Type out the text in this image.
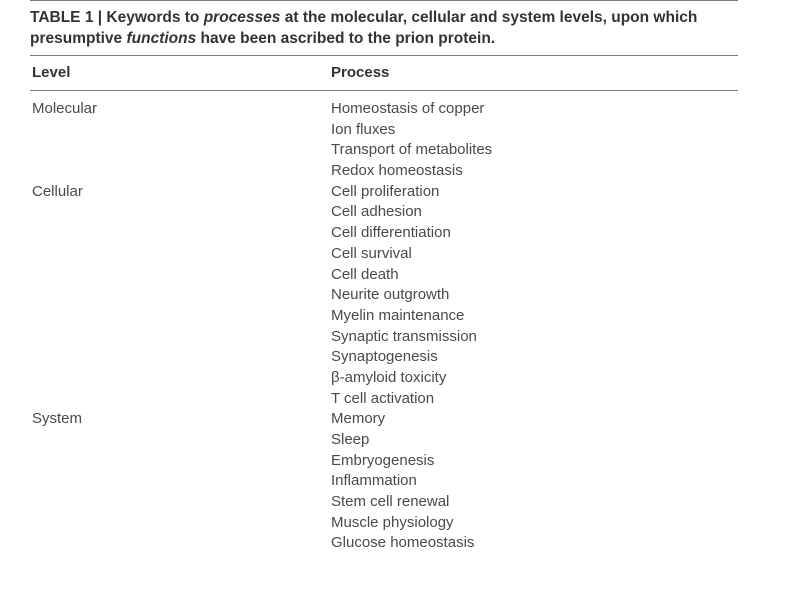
TABLE 1 | Keywords to processes at the molecular, cellular and system levels, upon which presumptive functions have been ascribed to the prion protein.
Level	Process
Molecular	Homeostasis of copper
Ion fluxes
Transport of metabolites
Redox homeostasis
Cellular	Cell proliferation
Cell adhesion
Cell differentiation
Cell survival
Cell death
Neurite outgrowth
Myelin maintenance
Synaptic transmission
Synaptogenesis
β-amyloid toxicity
T cell activation
System	Memory
Sleep
Embryogenesis
Inflammation
Stem cell renewal
Muscle physiology
Glucose homeostasis
